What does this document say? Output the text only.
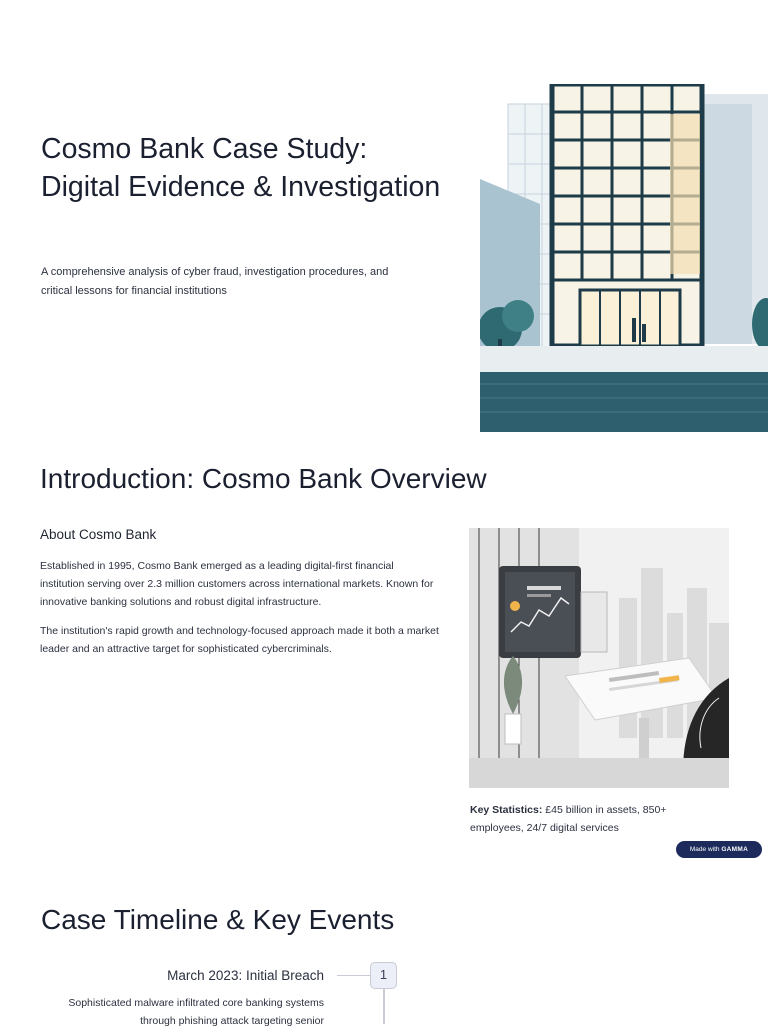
Cosmo Bank Case Study: Digital Evidence & Investigation

A comprehensive analysis of cyber fraud, investigation procedures, and critical lessons for financial institutions

Introduction: Cosmo Bank Overview
About Cosmo Bank

Established in 1995, Cosmo Bank emerged as a leading digital-first financial institution serving over 2.3 million customers across international markets. Known for innovative banking solutions and robust digital infrastructure.

The institution's rapid growth and technology-focused approach made it both a market leader and an attractive target for sophisticated cybercriminals.

Key Statistics: £45 billion in assets, 850+ employees, 24/7 digital services

Made with GAMMA
Case Timeline & Key Events
March 2023: Initial Breach

Sophisticated malware infiltrated core banking systems through phishing attack targeting senior

1
